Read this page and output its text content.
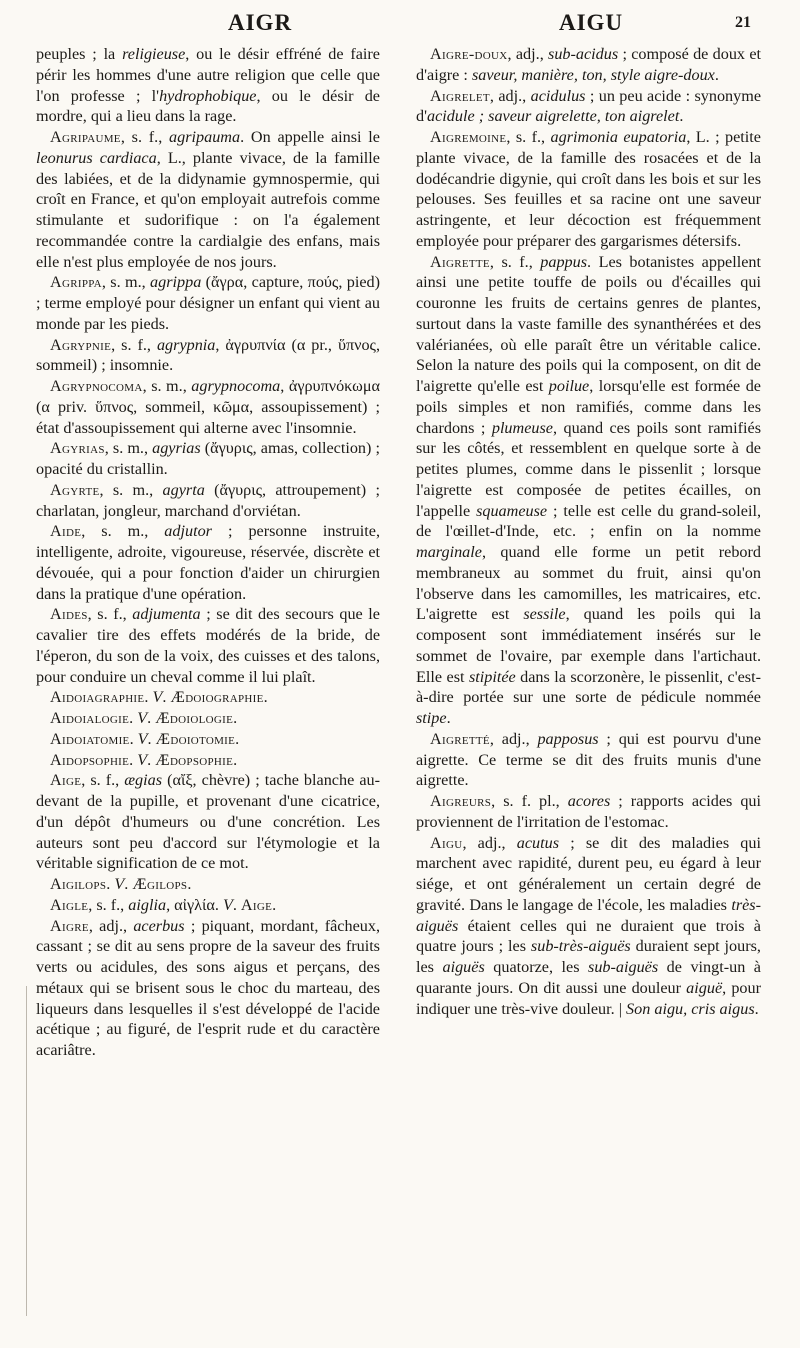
AIGR	AIGU	21

peuples ; la religieuse, ou le désir effréné de faire périr les hommes d'une autre religion que celle que l'on professe ; l'hydrophobique, ou le désir de mordre, qui a lieu dans la rage.

Agripaume, s. f., agripauma. On appelle ainsi le leonurus cardiaca, L., plante vivace, de la famille des labiées, et de la didynamie gymnospermie, qui croît en France, et qu'on employait autrefois comme stimulante et sudorifique : on l'a également recommandée contre la cardialgie des enfans, mais elle n'est plus employée de nos jours.

Agrippa, s. m., agrippa (ἄγρα, capture, πούς, pied) ; terme employé pour désigner un enfant qui vient au monde par les pieds.

Agrypnie, s. f., agrypnia, ἀγρυπνία (α pr., ὕπνος, sommeil) ; insomnie.

Agrypnocoma, s. m., agrypnocoma, ἀγρυπνόκωμα (α priv. ὕπνος, sommeil, κῶμα, assoupissement) ; état d'assoupissement qui alterne avec l'insomnie.

Agyrias, s. m., agyrias (ἄγυρις, amas, collection) ; opacité du cristallin.

Agyrte, s. m., agyrta (ἄγυρις, attroupement) ; charlatan, jongleur, marchand d'orviétan.

Aide, s. m., adjutor ; personne instruite, intelligente, adroite, vigoureuse, réservée, discrète et dévouée, qui a pour fonction d'aider un chirurgien dans la pratique d'une opération.

Aides, s. f., adjumenta ; se dit des secours que le cavalier tire des effets modérés de la bride, de l'éperon, du son de la voix, des cuisses et des talons, pour conduire un cheval comme il lui plaît.

Aidoiagraphie. V. Ædoiographie.

Aidoialogie. V. Ædoiologie.

Aidoiatomie. V. Ædoiotomie.

Aidopsophie. V. Ædopsophie.

Aige, s. f., ægias (αἴξ, chèvre) ; tache blanche au-devant de la pupille, et provenant d'une cicatrice, d'un dépôt d'humeurs ou d'une concrétion. Les auteurs sont peu d'accord sur l'étymologie et la véritable signification de ce mot.

Aigilops. V. Ægilops.

Aigle, s. f., aiglia, αἰγλία. V. Aige.

Aigre, adj., acerbus ; piquant, mordant, fâcheux, cassant ; se dit au sens propre de la saveur des fruits verts ou acidules, des sons aigus et perçans, des métaux qui se brisent sous le choc du marteau, des liqueurs dans lesquelles il s'est développé de l'acide acétique ; au figuré, de l'esprit rude et du caractère acariâtre.

Aigre-doux, adj., sub-acidus ; composé de doux et d'aigre : saveur, manière, ton, style aigre-doux.

Aigrelet, adj., acidulus ; un peu acide : synonyme d'acidule ; saveur aigrelette, ton aigrelet.

Aigremoine, s. f., agrimonia eupatoria, L. ; petite plante vivace, de la famille des rosacées et de la dodécandrie digynie, qui croît dans les bois et sur les pelouses. Ses feuilles et sa racine ont une saveur astringente, et leur décoction est fréquemment employée pour préparer des gargarismes détersifs.

Aigrette, s. f., pappus. Les botanistes appellent ainsi une petite touffe de poils ou d'écailles qui couronne les fruits de certains genres de plantes, surtout dans la vaste famille des synanthérées et des valérianées, où elle paraît être un véritable calice. Selon la nature des poils qui la composent, on dit de l'aigrette qu'elle est poilue, lorsqu'elle est formée de poils simples et non ramifiés, comme dans les chardons ; plumeuse, quand ces poils sont ramifiés sur les côtés, et ressemblent en quelque sorte à de petites plumes, comme dans le pissenlit ; lorsque l'aigrette est composée de petites écailles, on l'appelle squameuse ; telle est celle du grand-soleil, de l'œillet-d'Inde, etc. ; enfin on la nomme marginale, quand elle forme un petit rebord membraneux au sommet du fruit, ainsi qu'on l'observe dans les camomilles, les matricaires, etc. L'aigrette est sessile, quand les poils qui la composent sont immédiatement insérés sur le sommet de l'ovaire, par exemple dans l'artichaut. Elle est stipitée dans la scorzonère, le pissenlit, c'est-à-dire portée sur une sorte de pédicule nommée stipe.

Aigretté, adj., papposus ; qui est pourvu d'une aigrette. Ce terme se dit des fruits munis d'une aigrette.

Aigreurs, s. f. pl., acores ; rapports acides qui proviennent de l'irritation de l'estomac.

Aigu, adj., acutus ; se dit des maladies qui marchent avec rapidité, durent peu, eu égard à leur siége, et ont généralement un certain degré de gravité. Dans le langage de l'école, les maladies très-aiguës étaient celles qui ne duraient que trois à quatre jours ; les sub-très-aiguës duraient sept jours, les aiguës quatorze, les sub-aiguës de vingt-un à quarante jours. On dit aussi une douleur aiguë, pour indiquer une très-vive douleur. | Son aigu, cris aigus.
